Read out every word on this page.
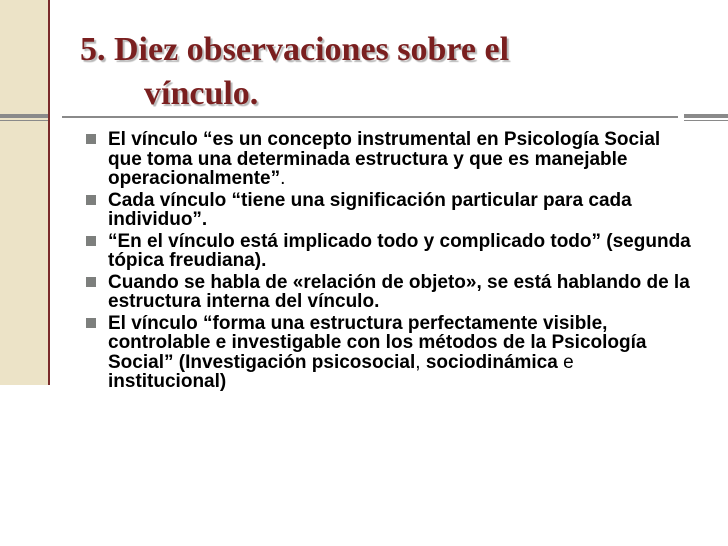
5. Diez observaciones sobre el
vínculo.
El vínculo “es un concepto instrumental en Psicología Social que toma una determinada estructura y que es manejable operacionalmente”.
Cada vínculo “tiene una significación particular para cada individuo”.
“En el vínculo está implicado todo y complicado todo” (segunda tópica freudiana).
Cuando se habla de «relación de objeto», se está hablando de la estructura interna del vínculo.
El vínculo “forma una estructura perfectamente visible, controlable e investigable con los métodos de la Psicología Social” (Investigación psicosocial, sociodinámica e institucional)
